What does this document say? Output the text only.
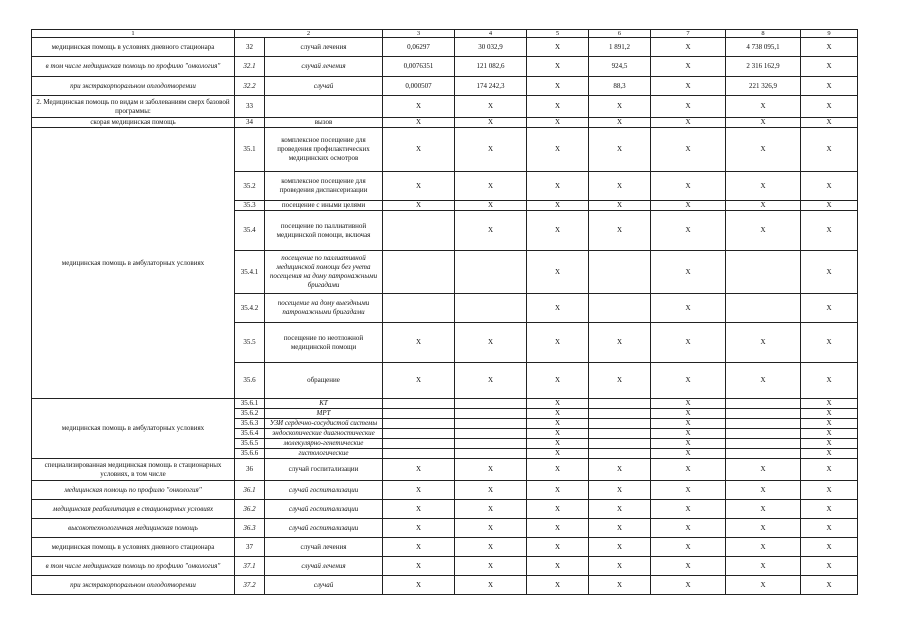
1	2		3	4	5	6	7	8	9
медицинская помощь в условиях дневного стационара	32	случай лечения	0,06297	30 032,9	X	1 891,2	X	4 738 095,1	X
в том числе медицинская помощь по профилю "онкология"	32.1	случай лечения	0,0076351	121 082,6	X	924,5	X	2 316 162,9	X
при экстракорпоральном оплодотворении	32.2	случай	0,000507	174 242,3	X	88,3	X	221 326,9	X
2. Медицинская помощь по видам и заболеваниям сверх базовой программы:	33		X	X	X	X	X	X	X
скорая медицинская помощь	34	вызов	X	X	X	X	X	X	X
медицинская помощь в амбулаторных условиях	35.1	комплексное посещение для проведения профилактических медицинских осмотров	X	X	X	X	X	X	X
	35.2	комплексное посещение для проведения диспансеризации	X	X	X	X	X	X	X
	35.3	посещение с иными целями	X	X	X	X	X	X	X
	35.4	посещение по паллиативной медицинской помощи, включая		X	X	X	X	X	X
	35.4.1	посещение по паллиативной медицинской помощи без учета посещения на дому патронажными бригадами			X		X		X
	35.4.2	посещение на дому выездными патронажными бригадами			X		X		X
	35.5	посещение по неотложной медицинской помощи	X	X	X	X	X	X	X
	35.6	обращение	X	X	X	X	X	X	X
медицинская помощь в амбулаторных условиях	35.6.1	КТ			X		X		X
	35.6.2	МРТ			X		X		X
	35.6.3	УЗИ сердечно-сосудистой системы			X		X		X
	35.6.4	эндоскопические диагностические			X		X		X
	35.6.5	молекулярно-генетические			X		X		X
	35.6.6	гистологические			X		X		X
специализированная медицинская помощь в стационарных условиях, в том числе	36	случай госпитализации	X	X	X	X	X	X	X
медицинская помощь по профилю "онкология"	36.1	случай госпитализации	X	X	X	X	X	X	X
медицинская реабилитация в стационарных условиях	36.2	случай госпитализации	X	X	X	X	X	X	X
высокотехнологичная медицинская помощь	36.3	случай госпитализации	X	X	X	X	X	X	X
медицинская помощь в условиях дневного стационара	37	случай лечения	X	X	X	X	X	X	X
в том числе медицинская помощь по профилю "онкология"	37.1	случай лечения	X	X	X	X	X	X	X
при экстракорпоральном оплодотворении	37.2	случай	X	X	X	X	X	X	X
